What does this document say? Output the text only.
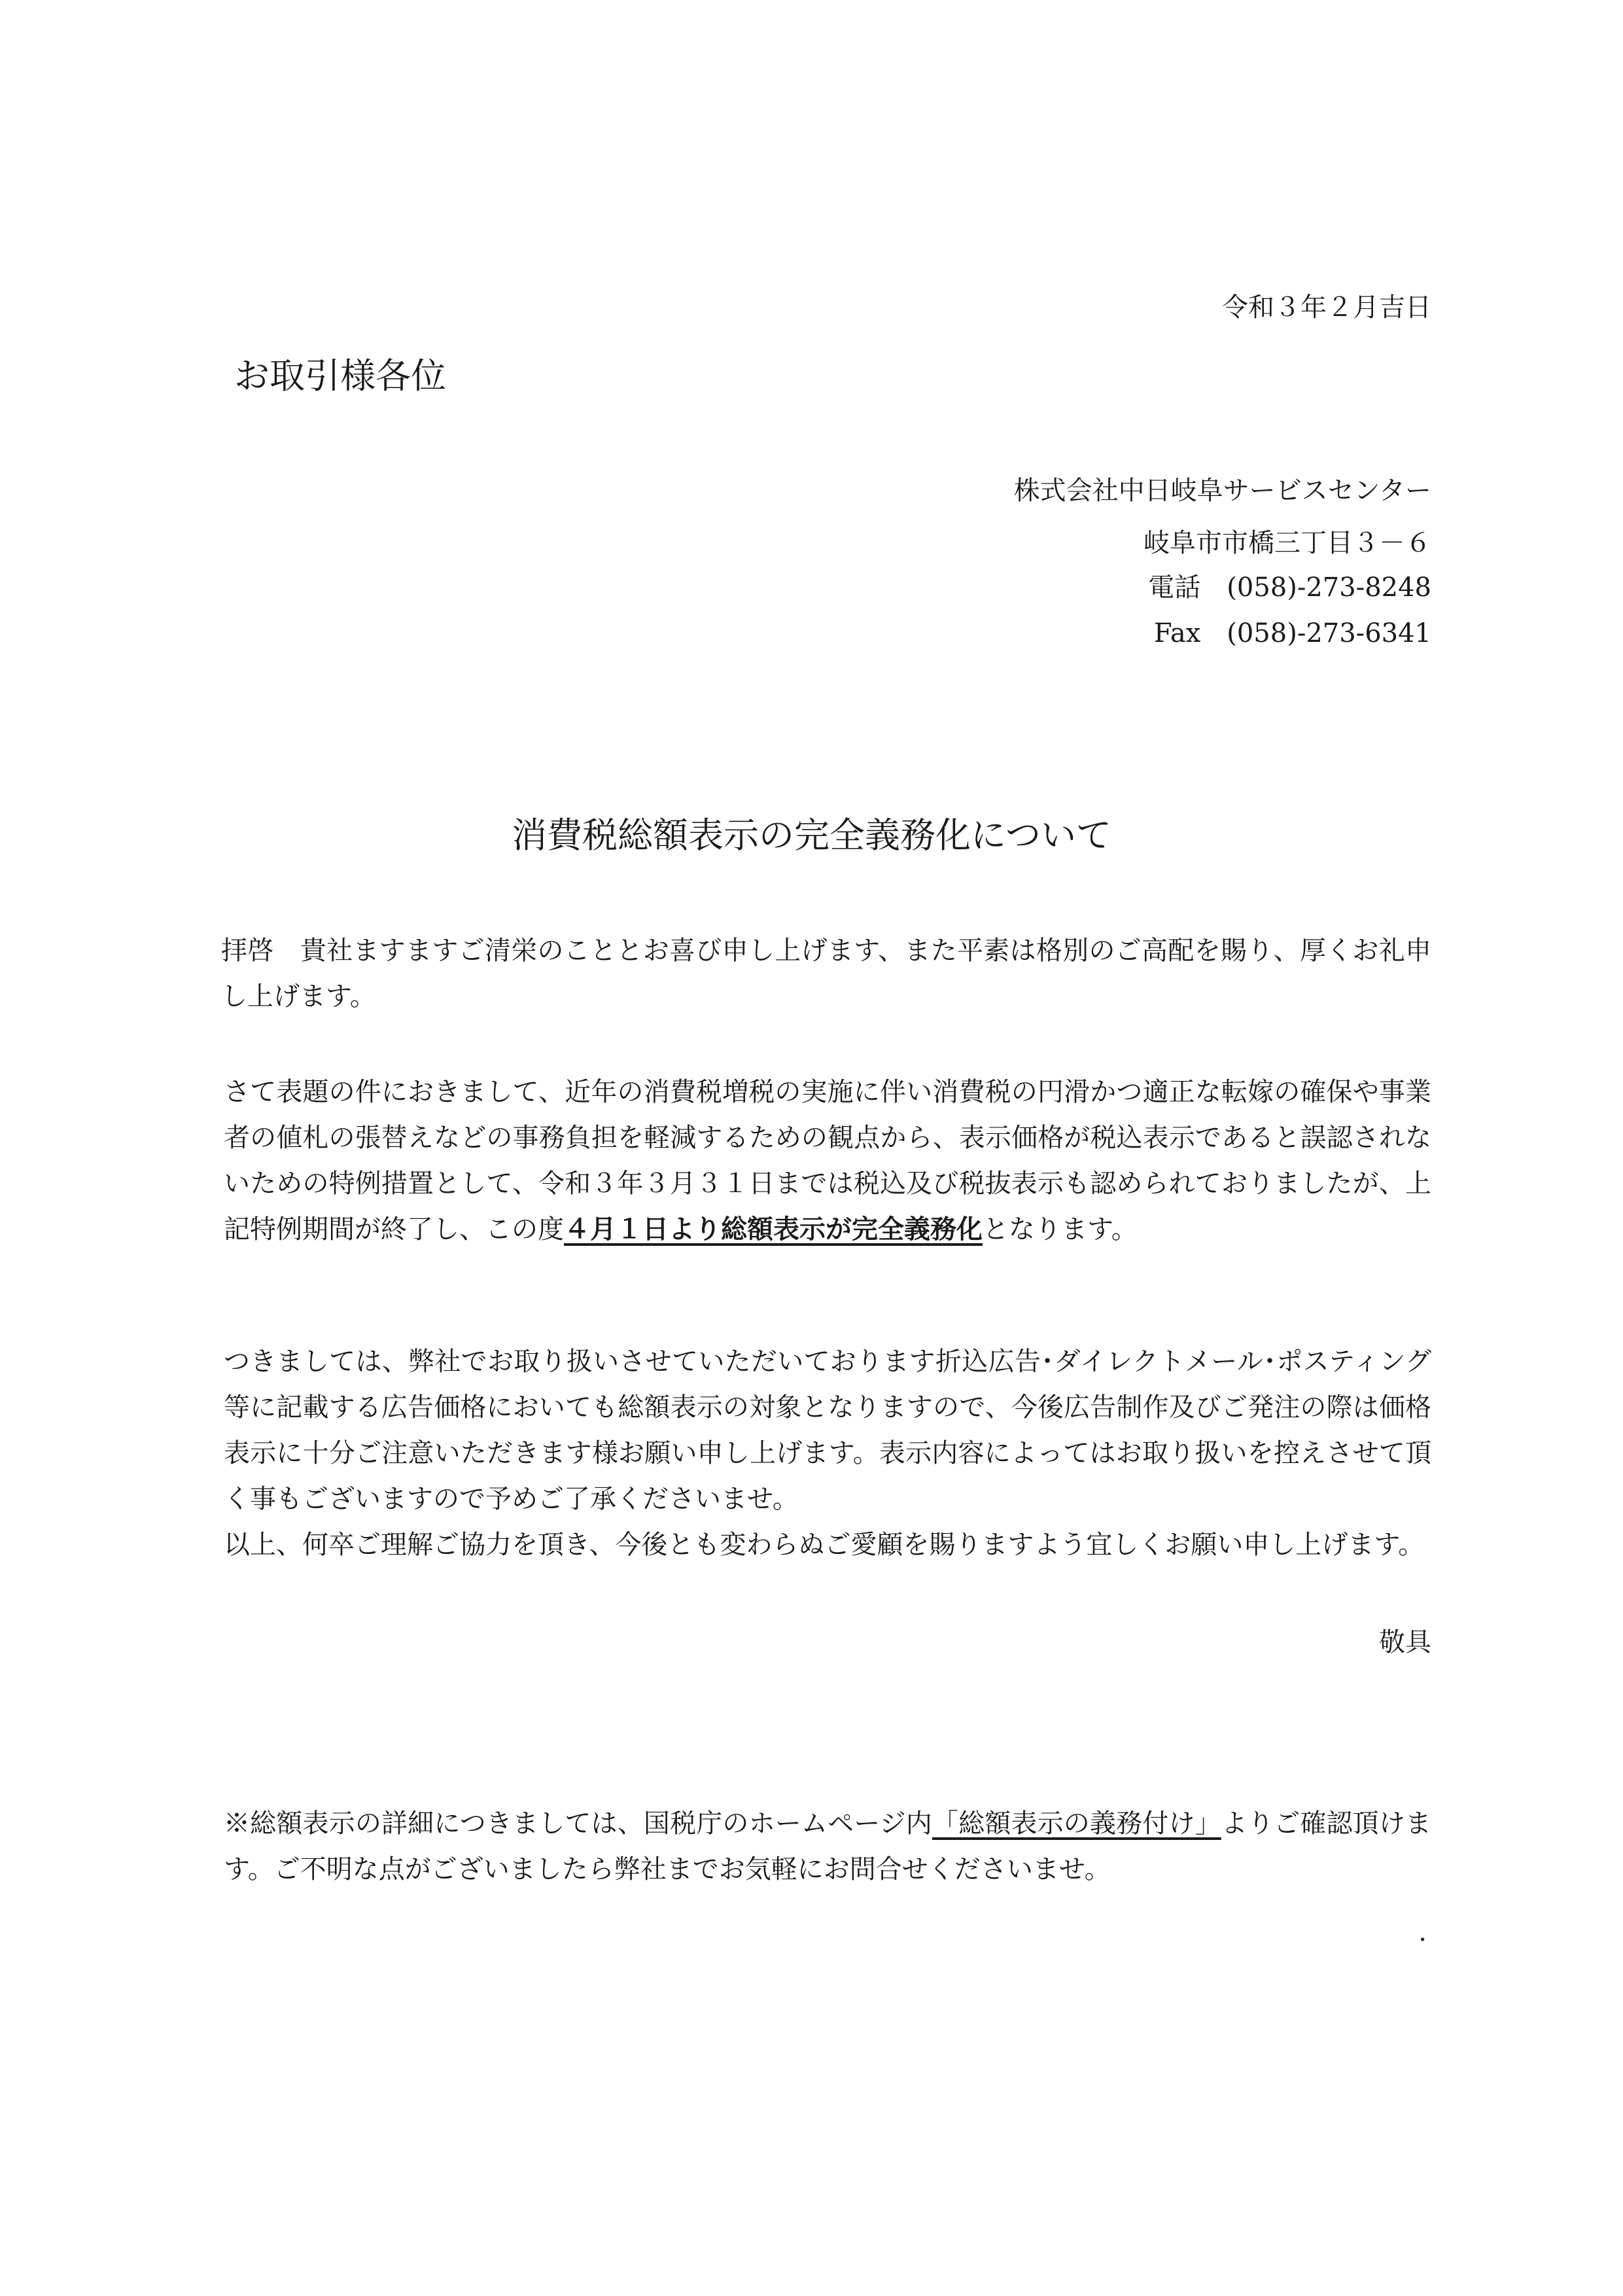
令和３年２月吉日
お取引様各位
株式会社中日岐阜サービスセンター
岐阜市市橋三丁目３－６
電話　(058)-273-8248
Fax　(058)-273-6341
消費税総額表示の完全義務化について

拝啓　貴社ますますご清栄のこととお喜び申し上げます、また平素は格別のご高配を賜り、厚くお礼申し上げます。

さて表題の件におきまして、近年の消費税増税の実施に伴い消費税の円滑かつ適正な転嫁の確保や事業者の値札の張替えなどの事務負担を軽減するための観点から、表示価格が税込表示であると誤認されないための特例措置として、令和３年３月３１日までは税込及び税抜表示も認められておりましたが、上記特例期間が終了し、この度４月１日より総額表示が完全義務化となります。

つきましては、弊社でお取り扱いさせていただいております折込広告･ダイレクトメール･ポスティング等に記載する広告価格においても総額表示の対象となりますので、今後広告制作及びご発注の際は価格表示に十分ご注意いただきます様お願い申し上げます。表示内容によってはお取り扱いを控えさせて頂く事もございますので予めご了承くださいませ。

以上、何卒ご理解ご協力を頂き、今後とも変わらぬご愛顧を賜りますよう宜しくお願い申し上げます。

敬具

※総額表示の詳細につきましては、国税庁のホームページ内「総額表示の義務付け」よりご確認頂けます。ご不明な点がございましたら弊社までお気軽にお問合せくださいませ。

.
